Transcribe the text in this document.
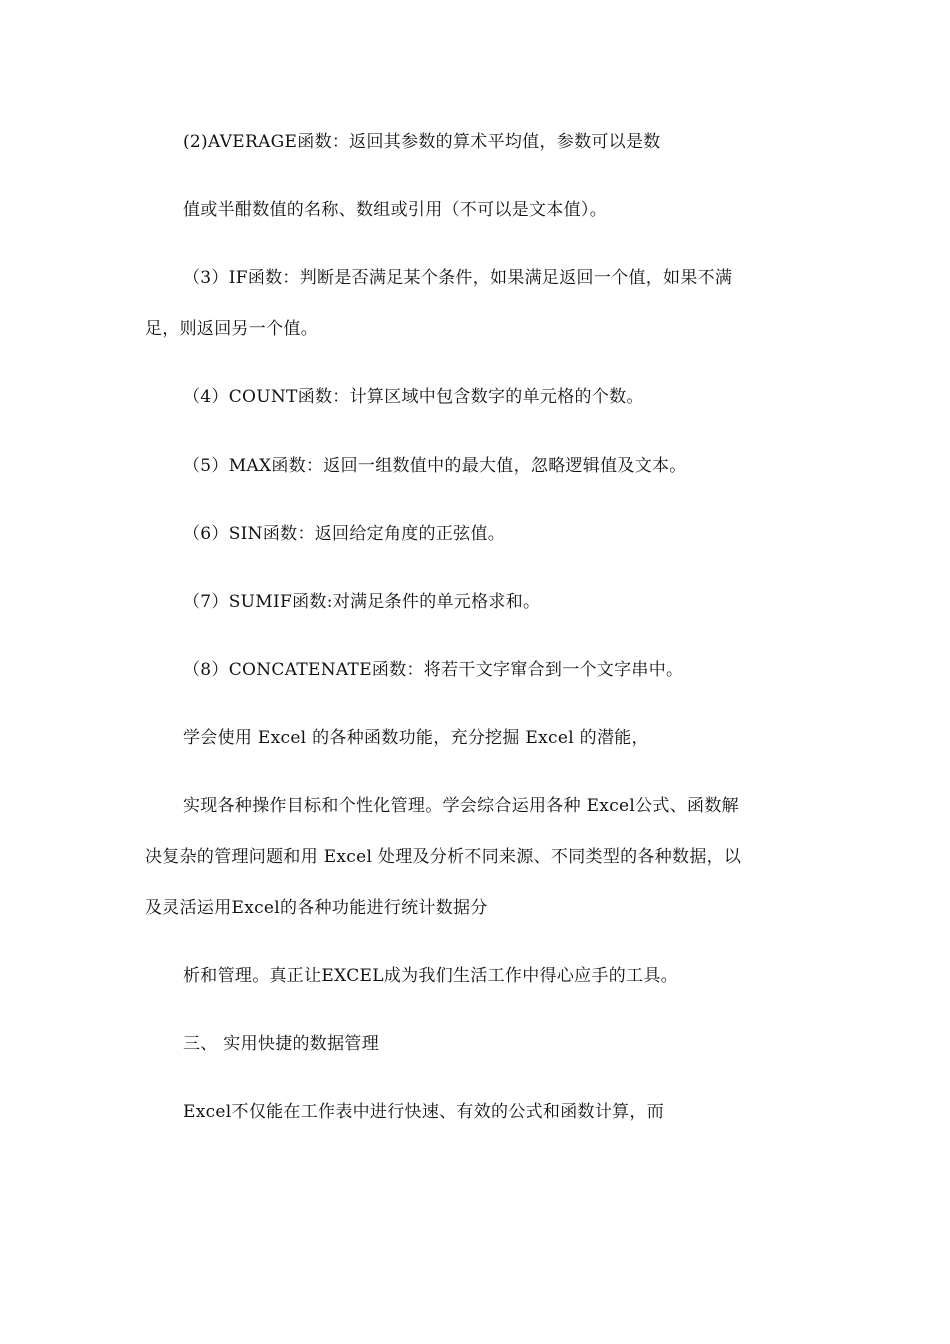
(2)AVERAGE函数：返回其参数的算术平均值，参数可以是数
值或半酣数值的名称、数组或引用（不可以是文本值）。
（3）IF函数：判断是否满足某个条件，如果满足返回一个值，如果不满
足，则返回另一个值。
（4）COUNT函数：计算区域中包含数字的单元格的个数。
（5）MAX函数：返回一组数值中的最大值，忽略逻辑值及文本。
（6）SIN函数：返回给定角度的正弦值。
（7）SUMIF函数:对满足条件的单元格求和。
（8）CONCATENATE函数：将若干文字窜合到一个文字串中。
学会使用 Excel 的各种函数功能，充分挖掘 Excel 的潜能，
实现各种操作目标和个性化管理。学会综合运用各种 Excel公式、函数解
决复杂的管理问题和用 Excel 处理及分析不同来源、不同类型的各种数据，以
及灵活运用Excel的各种功能进行统计数据分
析和管理。真正让EXCEL成为我们生活工作中得心应手的工具。
三、 实用快捷的数据管理
Excel不仅能在工作表中进行快速、有效的公式和函数计算，而
